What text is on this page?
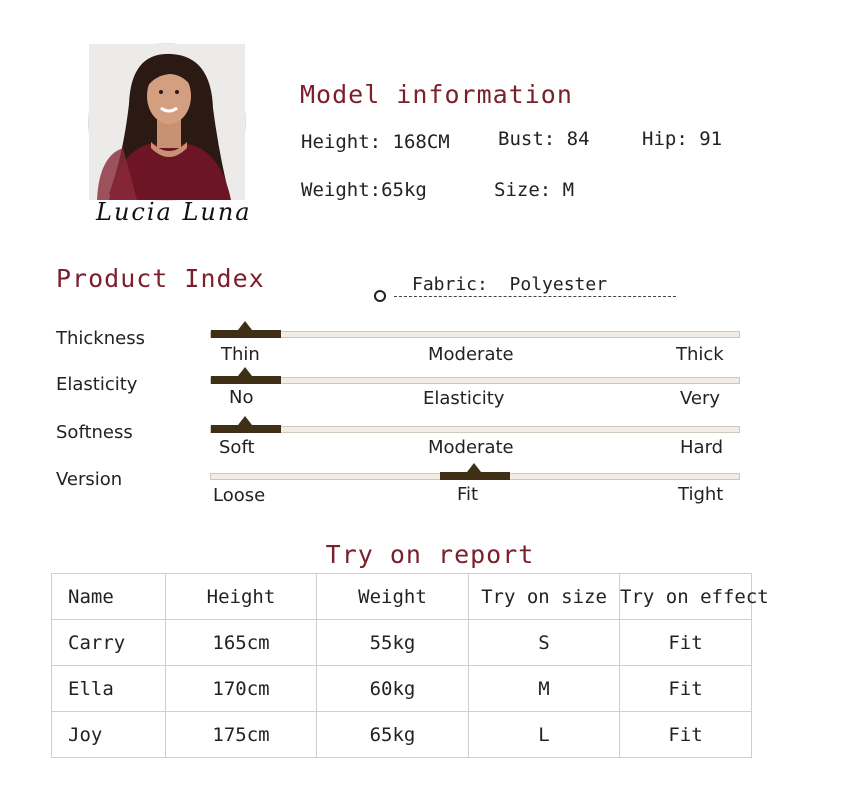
Lucia Luna
Model information
Height: 168CM	Bust: 84	Hip: 91
Weight:65kg	Size: M
Product Index	Fabric:  Polyester
Thickness
Thin	Moderate	Thick
Elasticity
No	Elasticity	Very
Softness
Soft	Moderate	Hard
Version
Loose	Fit	Tight
Try on report
Name	Height	Weight	Try on size	Try on effect
Carry	165cm	55kg	S	Fit
Ella	170cm	60kg	M	Fit
Joy	175cm	65kg	L	Fit
